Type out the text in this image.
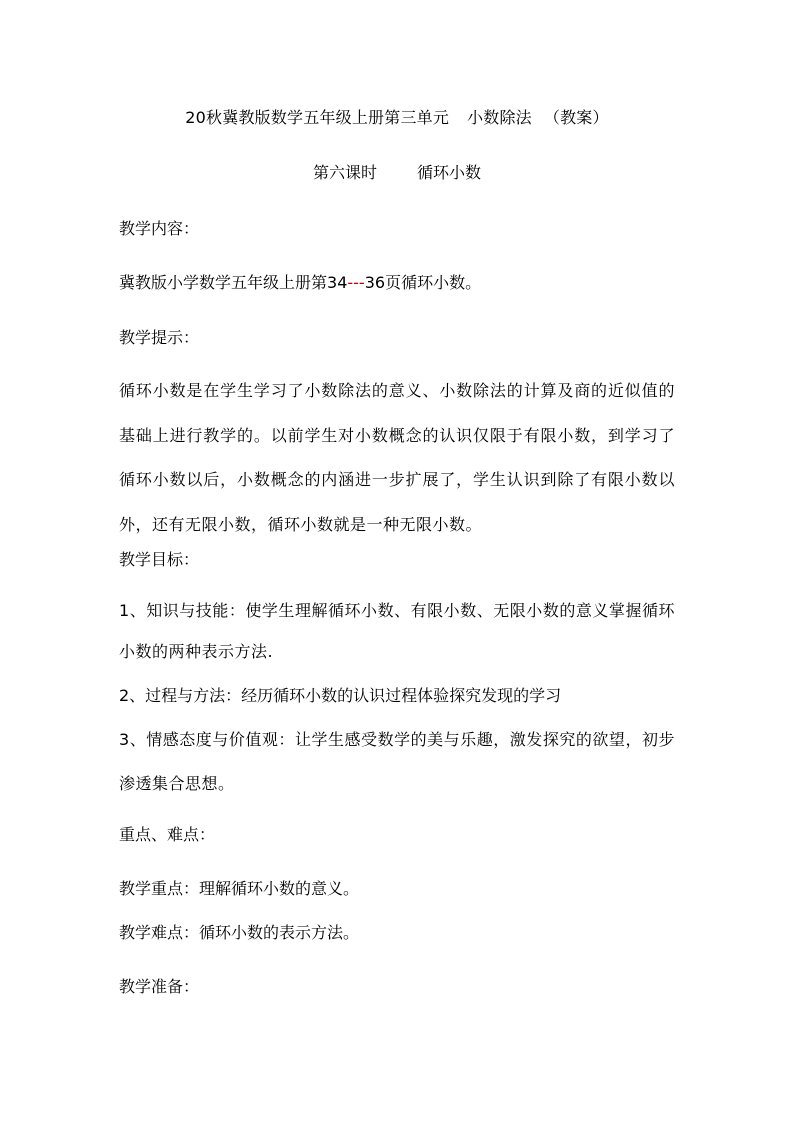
20秋冀教版数学五年级上册第三单元 小数除法 （教案）
第六课时	循环小数
教学内容：
冀教版小学数学五年级上册第34---36页循环小数。
教学提示：
循环小数是在学生学习了小数除法的意义、小数除法的计算及商的近似值的基础上进行教学的。以前学生对小数概念的认识仅限于有限小数，到学习了循环小数以后，小数概念的内涵进一步扩展了，学生认识到除了有限小数以外，还有无限小数，循环小数就是一种无限小数。
教学目标：
1、知识与技能：使学生理解循环小数、有限小数、无限小数的意义掌握循环小数的两种表示方法.
2、过程与方法：经历循环小数的认识过程体验探究发现的学习
3、情感态度与价值观：让学生感受数学的美与乐趣，激发探究的欲望，初步渗透集合思想。
重点、难点：
教学重点：理解循环小数的意义。
教学难点：循环小数的表示方法。
教学准备：
